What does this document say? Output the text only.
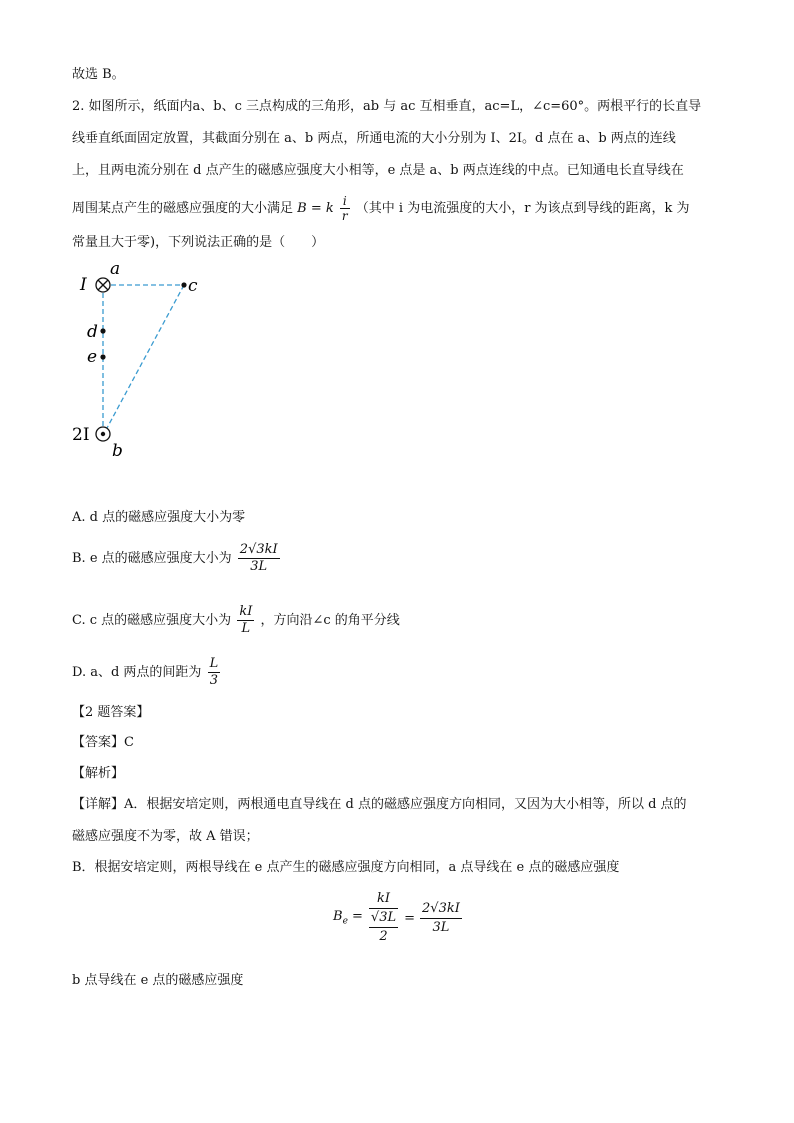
故选 B。
2. 如图所示，纸面内a、b、c 三点构成的三角形，ab 与 ac 互相垂直，ac=L，∠c=60°。两根平行的长直导
线垂直纸面固定放置，其截面分别在 a、b 两点，所通电流的大小分别为 I、2I。d 点在 a、b 两点的连线
上，且两电流分别在 d 点产生的磁感应强度大小相等，e 点是 a、b 两点连线的中点。已知通电长直导线在
周围某点产生的磁感应强度的大小满足 B = k $\frac{i}{r}$ （其中 i 为电流强度的大小，r 为该点到导线的距离，k 为
常量且大于零)，下列说法正确的是（　　）
I
a
c
d
e
2I
b
A. d 点的磁感应强度大小为零
B. e 点的磁感应强度大小为 $\frac{2√3kI}{3L}$
C. c 点的磁感应强度大小为 $\frac{kI}{L}$ ，方向沿∠c 的角平分线
D. a、d 两点的间距为 $\frac{L}{3}$
【2 题答案】
【答案】C
【解析】
【详解】A．根据安培定则，两根通电直导线在 d 点的磁感应强度方向相同，又因为大小相等，所以 d 点的
磁感应强度不为零，故 A 错误；
B．根据安培定则，两根导线在 e 点产生的磁感应强度方向相同，a 点导线在 e 点的磁感应强度
$B_e$ =	
kI
√3L
2
	=	
2√3kI
3L
b 点导线在 e 点的磁感应强度
